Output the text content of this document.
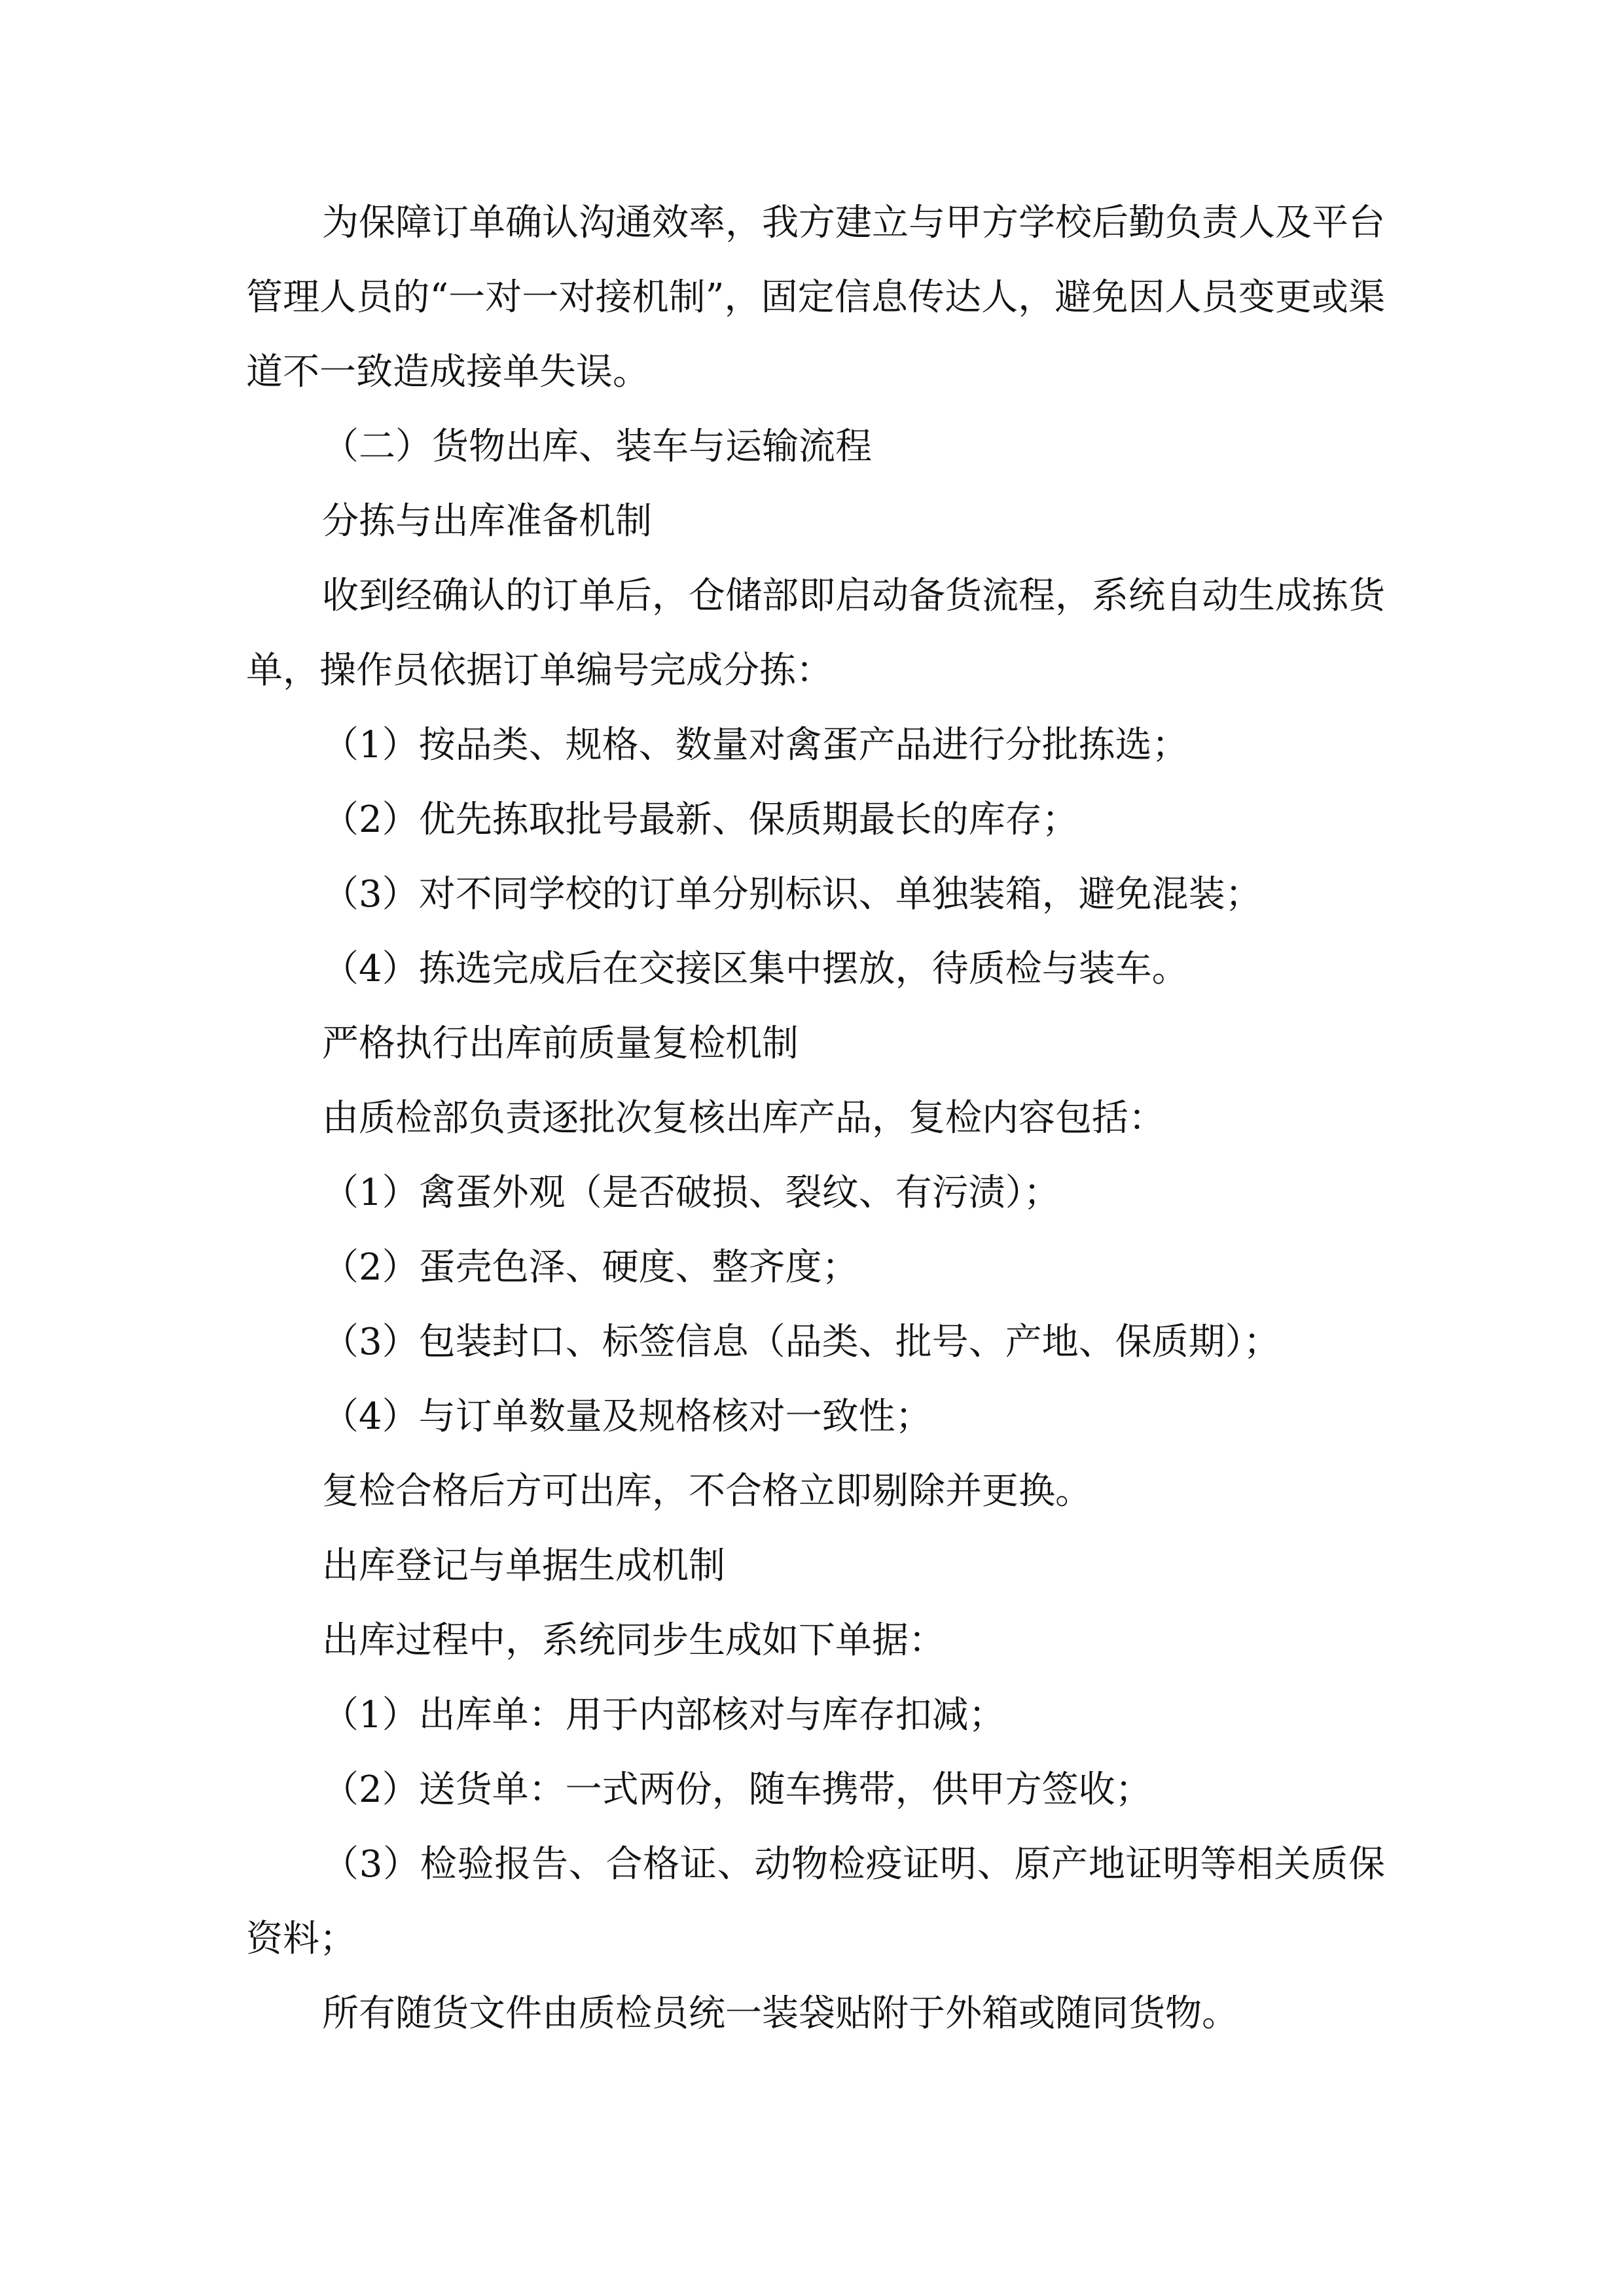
为保障订单确认沟通效率，我方建立与甲方学校后勤负责人及平台管理人员的“一对一对接机制”，固定信息传达人，避免因人员变更或渠道不一致造成接单失误。

（二）货物出库、装车与运输流程

分拣与出库准备机制

收到经确认的订单后，仓储部即启动备货流程，系统自动生成拣货单，操作员依据订单编号完成分拣：

（1）按品类、规格、数量对禽蛋产品进行分批拣选；

（2）优先拣取批号最新、保质期最长的库存；

（3）对不同学校的订单分别标识、单独装箱，避免混装；

（4）拣选完成后在交接区集中摆放，待质检与装车。

严格执行出库前质量复检机制

由质检部负责逐批次复核出库产品，复检内容包括：

（1）禽蛋外观（是否破损、裂纹、有污渍）；

（2）蛋壳色泽、硬度、整齐度；

（3）包装封口、标签信息（品类、批号、产地、保质期）；

（4）与订单数量及规格核对一致性；

复检合格后方可出库，不合格立即剔除并更换。

出库登记与单据生成机制

出库过程中，系统同步生成如下单据：

（1）出库单：用于内部核对与库存扣减；

（2）送货单：一式两份，随车携带，供甲方签收；

（3）检验报告、合格证、动物检疫证明、原产地证明等相关质保资料；

所有随货文件由质检员统一装袋贴附于外箱或随同货物。
